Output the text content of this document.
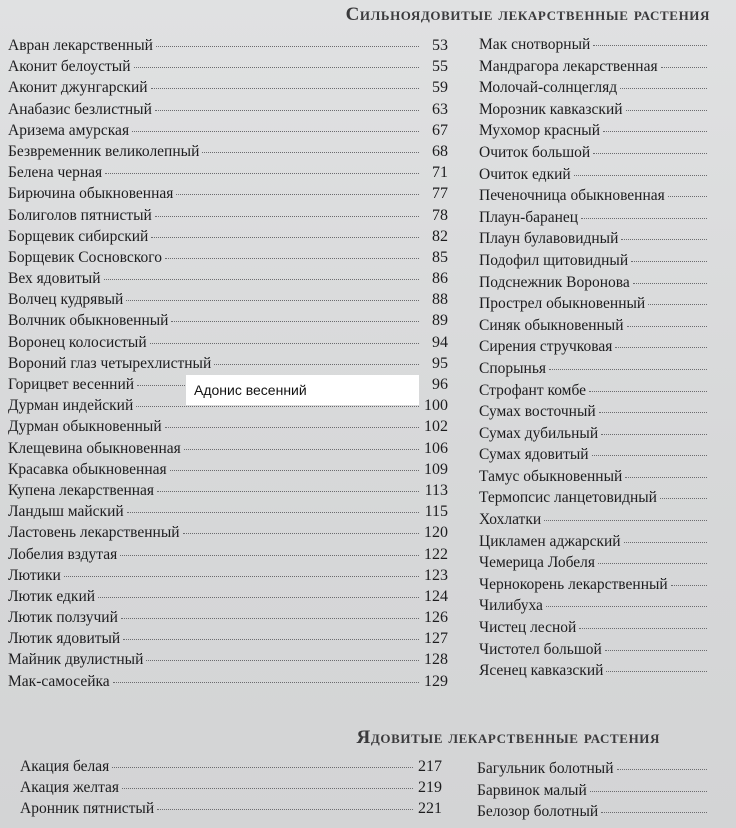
Сильноядовитые лекарственные растения
Авран лекарственный	53
Аконит белоустый	55
Аконит джунгарский	59
Анабазис безлистный	63
Аризема амурская	67
Безвременник великолепный	68
Белена черная	71
Бирючина обыкновенная	77
Болиголов пятнистый	78
Борщевик сибирский	82
Борщевик Сосновского	85
Вех ядовитый	86
Волчец кудрявый	88
Волчник обыкновенный	89
Воронец колосистый	94
Вороний глаз четырехлистный	95
Горицвет весенний	96
Дурман индейский	100
Дурман обыкновенный	102
Клещевина обыкновенная	106
Красавка обыкновенная	109
Купена лекарственная	113
Ландыш майский	115
Ластовень лекарственный	120
Лобелия вздутая	122
Лютики	123
Лютик едкий	124
Лютик ползучий	126
Лютик ядовитый	127
Майник двулистный	128
Мак-самосейка	129
Мак снотворный
Мандрагора лекарственная
Молочай-солнцегляд
Морозник кавказский
Мухомор красный
Очиток большой
Очиток едкий
Печеночница обыкновенная
Плаун-баранец
Плаун булавовидный
Подофил щитовидный
Подснежник Воронова
Прострел обыкновенный
Синяк обыкновенный
Сирения стручковая
Спорынья
Строфант комбе
Сумах восточный
Сумах дубильный
Сумах ядовитый
Тамус обыкновенный
Термопсис ланцетовидный
Хохлатки
Цикламен аджарский
Чемерица Лобеля
Чернокорень лекарственный
Чилибуха
Чистец лесной
Чистотел большой
Ясенец кавказский
Ядовитые лекарственные растения
Акация белая	217
Акация желтая	219
Аронник пятнистый	221
Багульник болотный
Барвинок малый
Белозор болотный
Адонис весенний
